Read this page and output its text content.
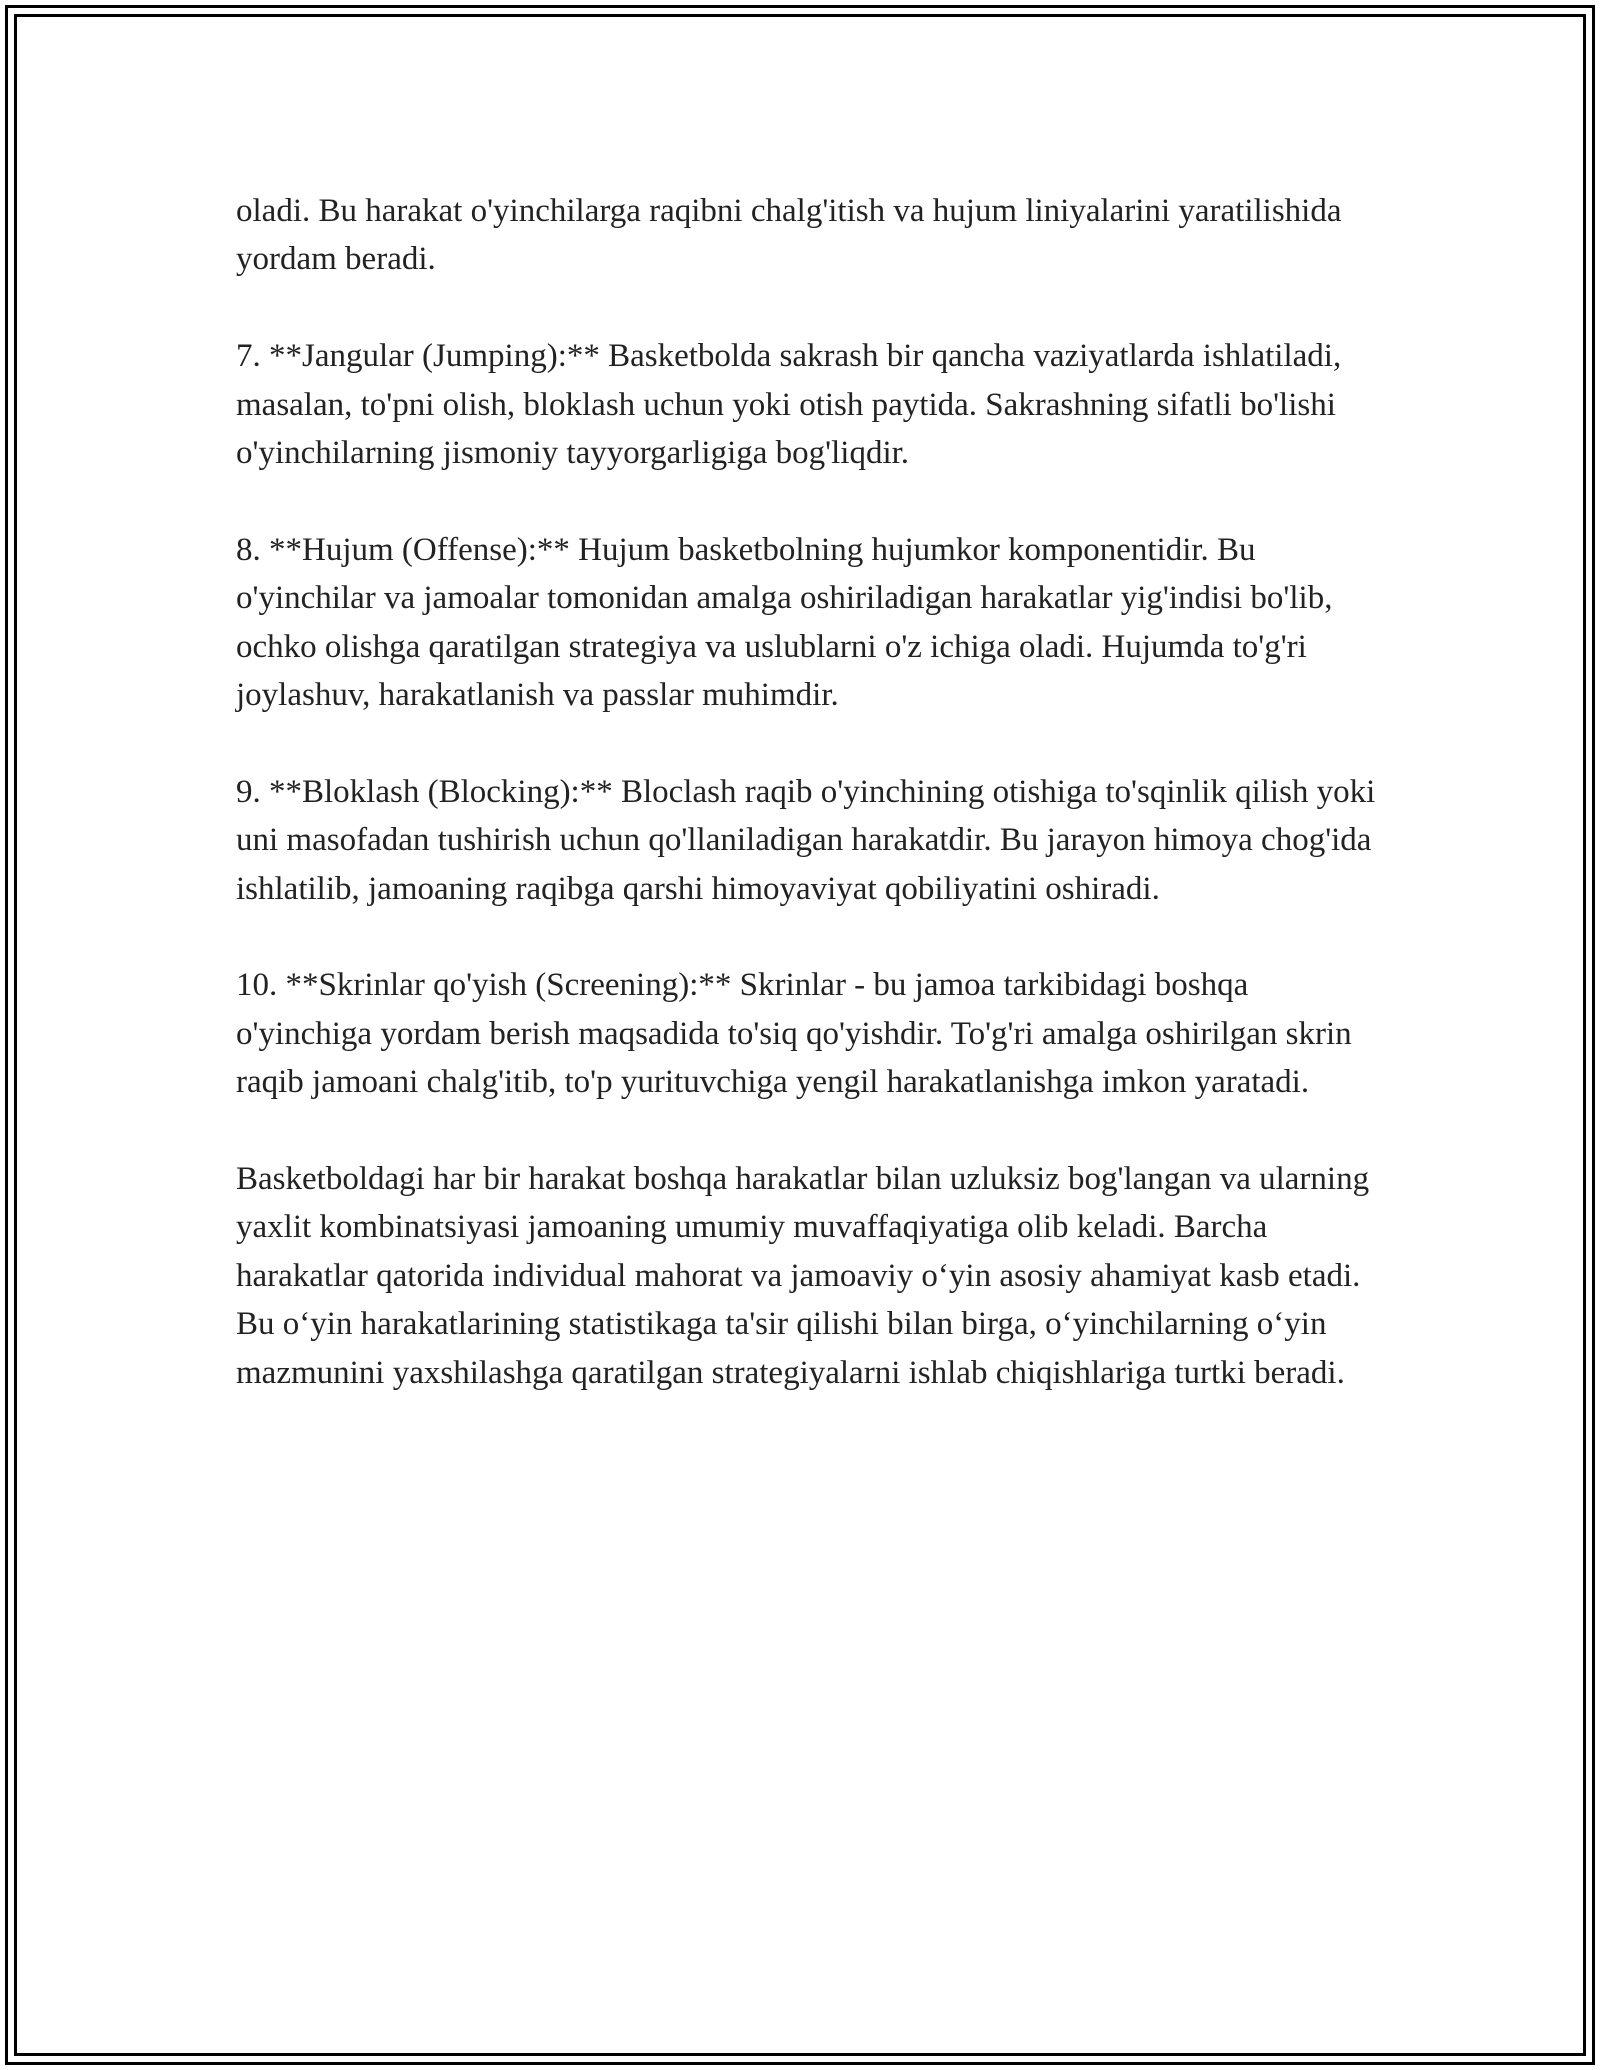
oladi. Bu harakat o'yinchilarga raqibni chalg'itish va hujum liniyalarini yaratilishida yordam beradi.

7. **Jangular (Jumping):** Basketbolda sakrash bir qancha vaziyatlarda ishlatiladi, masalan, to'pni olish, bloklash uchun yoki otish paytida. Sakrashning sifatli bo'lishi o'yinchilarning jismoniy tayyorgarligiga bog'liqdir.

8. **Hujum (Offense):** Hujum basketbolning hujumkor komponentidir. Bu o'yinchilar va jamoalar tomonidan amalga oshiriladigan harakatlar yig'indisi bo'lib, ochko olishga qaratilgan strategiya va uslublarni o'z ichiga oladi. Hujumda to'g'ri joylashuv, harakatlanish va passlar muhimdir.

9. **Bloklash (Blocking):** Bloclash raqib o'yinchining otishiga to'sqinlik qilish yoki uni masofadan tushirish uchun qo'llaniladigan harakatdir. Bu jarayon himoya chog'ida ishlatilib, jamoaning raqibga qarshi himoyaviyat qobiliyatini oshiradi.

10. **Skrinlar qo'yish (Screening):** Skrinlar - bu jamoa tarkibidagi boshqa o'yinchiga yordam berish maqsadida to'siq qo'yishdir. To'g'ri amalga oshirilgan skrin raqib jamoani chalg'itib, to'p yurituvchiga yengil harakatlanishga imkon yaratadi.

Basketboldagi har bir harakat boshqa harakatlar bilan uzluksiz bog'langan va ularning yaxlit kombinatsiyasi jamoaning umumiy muvaffaqiyatiga olib keladi. Barcha harakatlar qatorida individual mahorat va jamoaviy o‘yin asosiy ahamiyat kasb etadi. Bu o‘yin harakatlarining statistikaga ta'sir qilishi bilan birga, o‘yinchilarning o‘yin mazmunini yaxshilashga qaratilgan strategiyalarni ishlab chiqishlariga turtki beradi.
